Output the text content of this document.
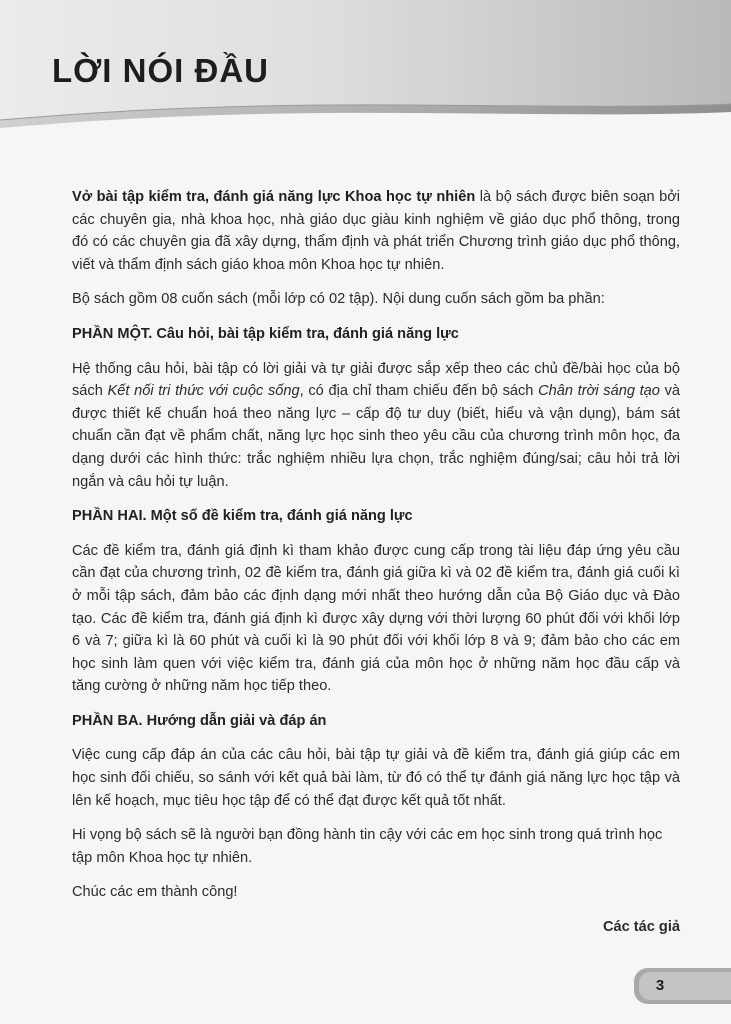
LỜI NÓI ĐẦU

Vở bài tập kiểm tra, đánh giá năng lực Khoa học tự nhiên là bộ sách được biên soạn bởi các chuyên gia, nhà khoa học, nhà giáo dục giàu kinh nghiệm về giáo dục phổ thông, trong đó có các chuyên gia đã xây dựng, thẩm định và phát triển Chương trình giáo dục phổ thông, viết và thẩm định sách giáo khoa môn Khoa học tự nhiên.

Bộ sách gồm 08 cuốn sách (mỗi lớp có 02 tập). Nội dung cuốn sách gồm ba phần:

PHẦN MỘT. Câu hỏi, bài tập kiểm tra, đánh giá năng lực

Hệ thống câu hỏi, bài tập có lời giải và tự giải được sắp xếp theo các chủ đề/bài học của bộ sách Kết nối tri thức với cuộc sống, có địa chỉ tham chiếu đến bộ sách Chân trời sáng tạo và được thiết kế chuẩn hoá theo năng lực – cấp độ tư duy (biết, hiểu và vận dụng), bám sát chuẩn cần đạt về phẩm chất, năng lực học sinh theo yêu cầu của chương trình môn học, đa dạng dưới các hình thức: trắc nghiệm nhiều lựa chọn, trắc nghiệm đúng/sai; câu hỏi trả lời ngắn và câu hỏi tự luận.

PHẦN HAI. Một số đề kiểm tra, đánh giá năng lực

Các đề kiểm tra, đánh giá định kì tham khảo được cung cấp trong tài liệu đáp ứng yêu cầu cần đạt của chương trình, 02 đề kiểm tra, đánh giá giữa kì và 02 đề kiểm tra, đánh giá cuối kì ở mỗi tập sách, đảm bảo các định dạng mới nhất theo hướng dẫn của Bộ Giáo dục và Đào tạo. Các đề kiểm tra, đánh giá định kì được xây dựng với thời lượng 60 phút đối với khối lớp 6 và 7; giữa kì là 60 phút và cuối kì là 90 phút đối với khối lớp 8 và 9; đảm bảo cho các em học sinh làm quen với việc kiểm tra, đánh giá của môn học ở những năm học đầu cấp và tăng cường ở những năm học tiếp theo.

PHẦN BA. Hướng dẫn giải và đáp án

Việc cung cấp đáp án của các câu hỏi, bài tập tự giải và đề kiểm tra, đánh giá giúp các em học sinh đối chiếu, so sánh với kết quả bài làm, từ đó có thể tự đánh giá năng lực học tập và lên kế hoạch, mục tiêu học tập để có thể đạt được kết quả tốt nhất.

Hi vọng bộ sách sẽ là người bạn đồng hành tin cậy với các em học sinh trong quá trình học tập môn Khoa học tự nhiên.

Chúc các em thành công!

Các tác giả

3
